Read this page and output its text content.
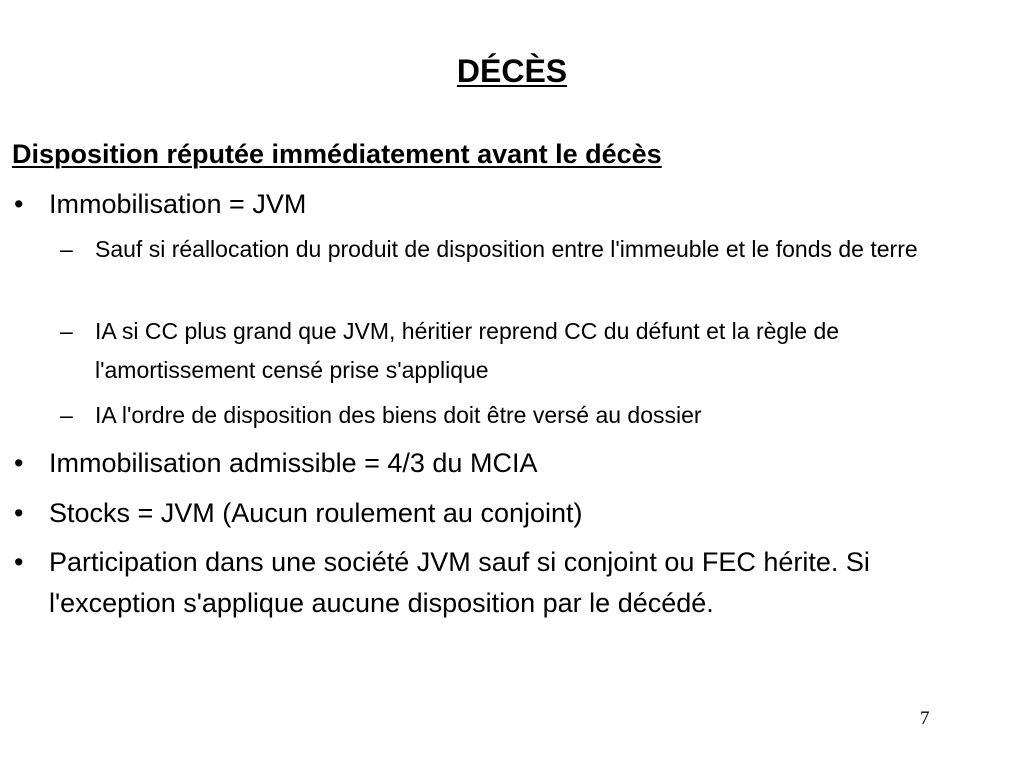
DÉCÈS
Disposition réputée immédiatement avant le décès
• Immobilisation = JVM
– Sauf si réallocation du produit de disposition entre l'immeuble et le fonds de terre
– IA si CC plus grand que JVM, héritier reprend CC du défunt et la règle de l'amortissement censé prise s'applique
– IA l'ordre de disposition des biens doit être versé au dossier
• Immobilisation admissible = 4/3 du MCIA
• Stocks = JVM (Aucun roulement au conjoint)
• Participation dans une société JVM sauf si conjoint ou FEC hérite. Si l'exception s'applique aucune disposition par le décédé.
7
